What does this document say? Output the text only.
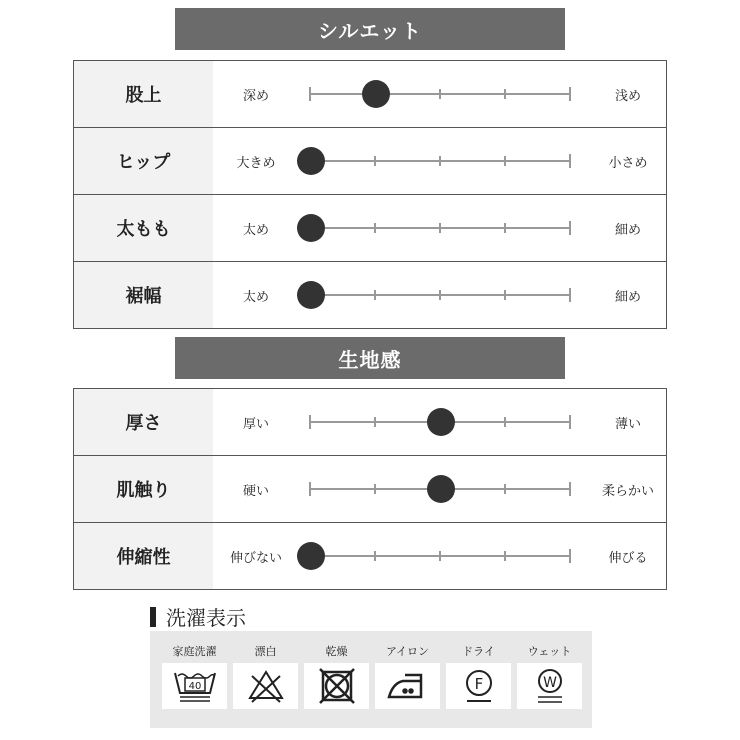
シルエット
股上	深め	浅め
ヒップ	大きめ	小さめ
太もも	太め	細め
裾幅	太め	細め
生地感
厚さ	厚い	薄い
肌触り	硬い	柔らかい
伸縮性	伸びない	伸びる
洗濯表示
家庭洗濯
40
漂白	乾燥	アイロン	ドライ
F
ウェット
W
